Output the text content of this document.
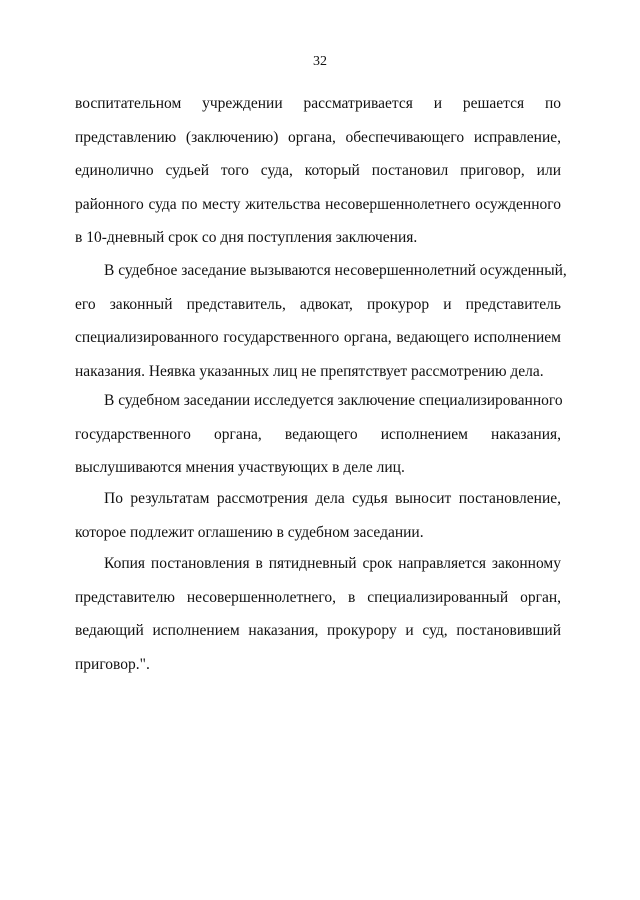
32
воспитательном учреждении рассматривается и решается по
представлению (заключению) органа, обеспечивающего исправление,
единолично судьей того суда, который постановил приговор, или
районного суда по месту жительства несовершеннолетнего осужденного
в 10-дневный срок со дня поступления заключения.
В судебное заседание вызываются несовершеннолетний осужденный,
его законный представитель, адвокат, прокурор и представитель
специализированного государственного органа, ведающего исполнением
наказания. Неявка указанных лиц не препятствует рассмотрению дела.
В судебном заседании исследуется заключение специализированного
государственного органа, ведающего исполнением наказания,
выслушиваются мнения участвующих в деле лиц.
По результатам рассмотрения дела судья выносит постановление,
которое подлежит оглашению в судебном заседании.
Копия постановления в пятидневный срок направляется законному
представителю несовершеннолетнего, в специализированный орган,
ведающий исполнением наказания, прокурору и суд, постановивший
приговор.".
